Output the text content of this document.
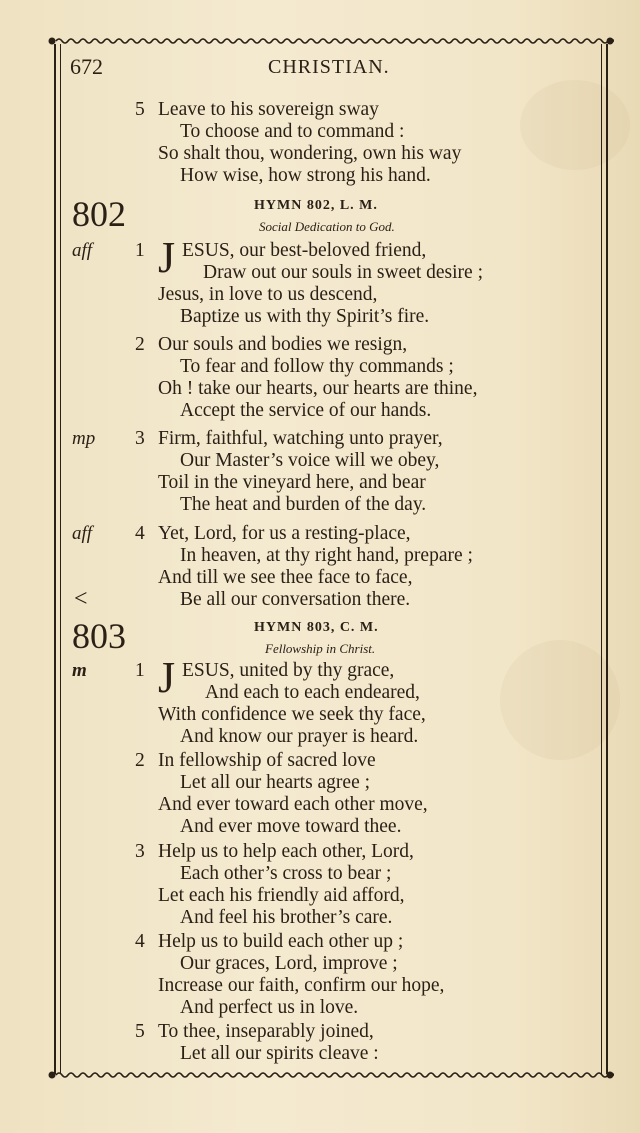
672	CHRISTIAN.
5 Leave to his sovereign sway
To choose and to command :
So shalt thou, wondering, own his way
How wise, how strong his hand.
802	HYMN 802, L. M.
Social Dedication to God.
aff 1 J ESUS, our best-beloved friend,
Draw out our souls in sweet desire ;
Jesus, in love to us descend,
Baptize us with thy Spirit’s fire.
2 Our souls and bodies we resign,
To fear and follow thy commands ;
Oh ! take our hearts, our hearts are thine,
Accept the service of our hands.
mp 3 Firm, faithful, watching unto prayer,
Our Master’s voice will we obey,
Toil in the vineyard here, and bear
The heat and burden of the day.
aff 4 Yet, Lord, for us a resting-place,
In heaven, at thy right hand, prepare ;
And till we see thee face to face,
<	Be all our conversation there.
803	HYMN 803, C. M.
Fellowship in Christ.
m 1 J ESUS, united by thy grace,
And each to each endeared,
With confidence we seek thy face,
And know our prayer is heard.
2 In fellowship of sacred love
Let all our hearts agree ;
And ever toward each other move,
And ever move toward thee.
3 Help us to help each other, Lord,
Each other’s cross to bear ;
Let each his friendly aid afford,
And feel his brother’s care.
4 Help us to build each other up ;
Our graces, Lord, improve ;
Increase our faith, confirm our hope,
And perfect us in love.
5 To thee, inseparably joined,
Let all our spirits cleave :
